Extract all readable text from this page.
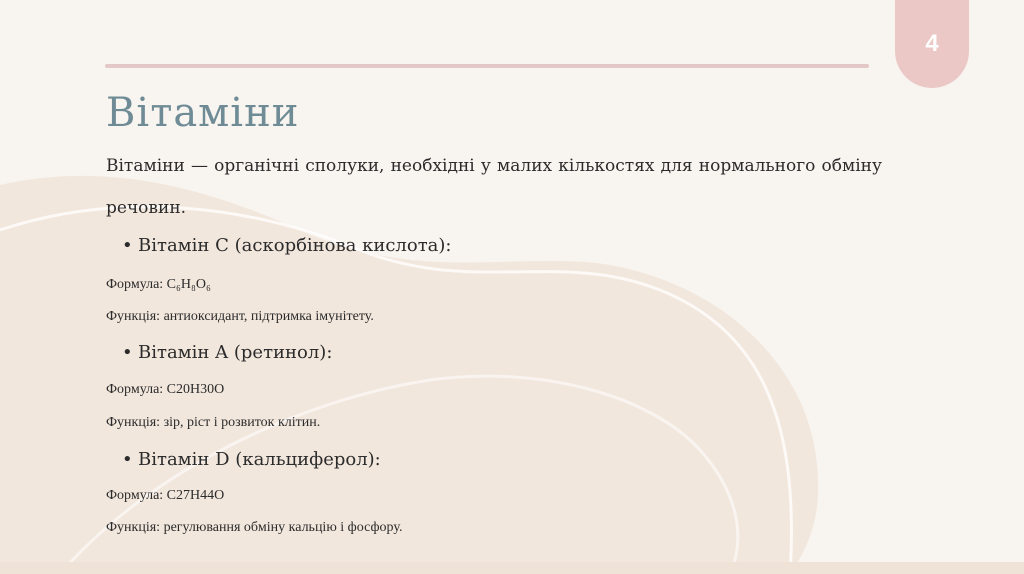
4
Вітаміни

Вітаміни — органічні сполуки, необхідні у малих кількостях для нормального обміну речовин.

• Вітамін C (аскорбінова кислота):
Формула: C₆H₈O₆
Функція: антиоксидант, підтримка імунітету.
• Вітамін A (ретинол):
Формула: C20H30O
Функція: зір, ріст і розвиток клітин.
• Вітамін D (кальциферол):
Формула: C27H44O
Функція: регулювання обміну кальцію і фосфору.
